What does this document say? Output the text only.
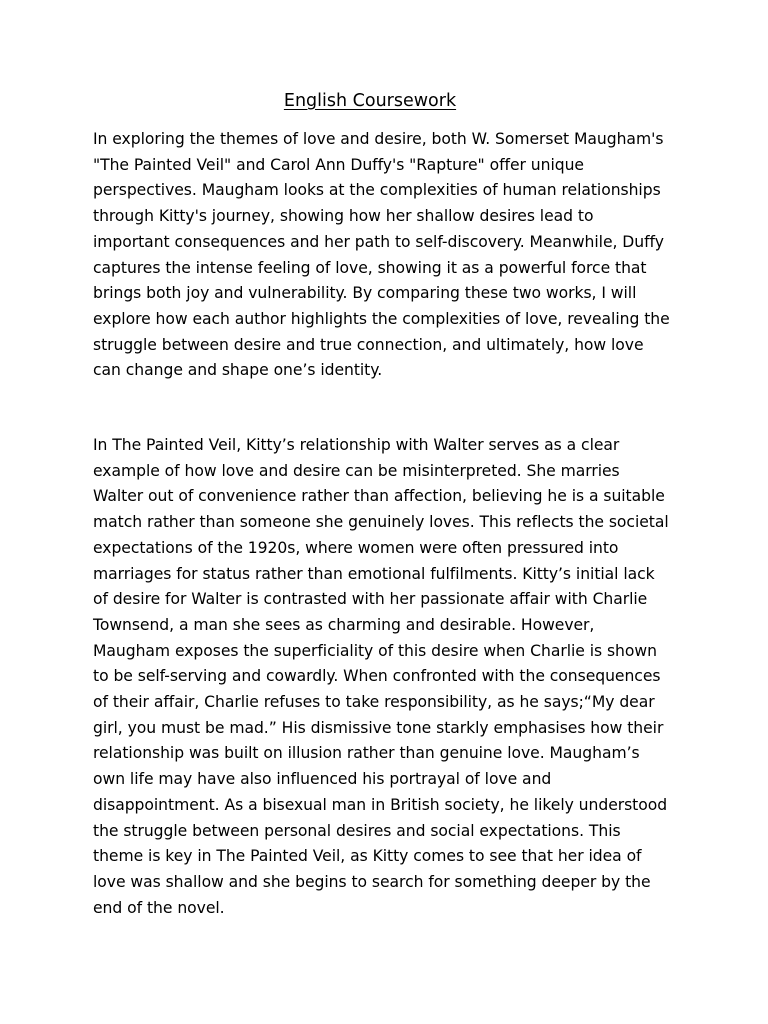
English Coursework

In exploring the themes of love and desire, both W. Somerset Maugham's
"The Painted Veil" and Carol Ann Duffy's "Rapture" offer unique
perspectives. Maugham looks at the complexities of human relationships
through Kitty's journey, showing how her shallow desires lead to
important consequences and her path to self-discovery. Meanwhile, Duffy
captures the intense feeling of love, showing it as a powerful force that
brings both joy and vulnerability. By comparing these two works, I will
explore how each author highlights the complexities of love, revealing the
struggle between desire and true connection, and ultimately, how love
can change and shape one’s identity.

In The Painted Veil, Kitty’s relationship with Walter serves as a clear
example of how love and desire can be misinterpreted. She marries
Walter out of convenience rather than affection, believing he is a suitable
match rather than someone she genuinely loves. This reflects the societal
expectations of the 1920s, where women were often pressured into
marriages for status rather than emotional fulfilments. Kitty’s initial lack
of desire for Walter is contrasted with her passionate affair with Charlie
Townsend, a man she sees as charming and desirable. However,
Maugham exposes the superficiality of this desire when Charlie is shown
to be self-serving and cowardly. When confronted with the consequences
of their affair, Charlie refuses to take responsibility, as he says;“My dear
girl, you must be mad.” His dismissive tone starkly emphasises how their
relationship was built on illusion rather than genuine love. Maugham’s
own life may have also influenced his portrayal of love and
disappointment. As a bisexual man in British society, he likely understood
the struggle between personal desires and social expectations. This
theme is key in The Painted Veil, as Kitty comes to see that her idea of
love was shallow and she begins to search for something deeper by the
end of the novel.
